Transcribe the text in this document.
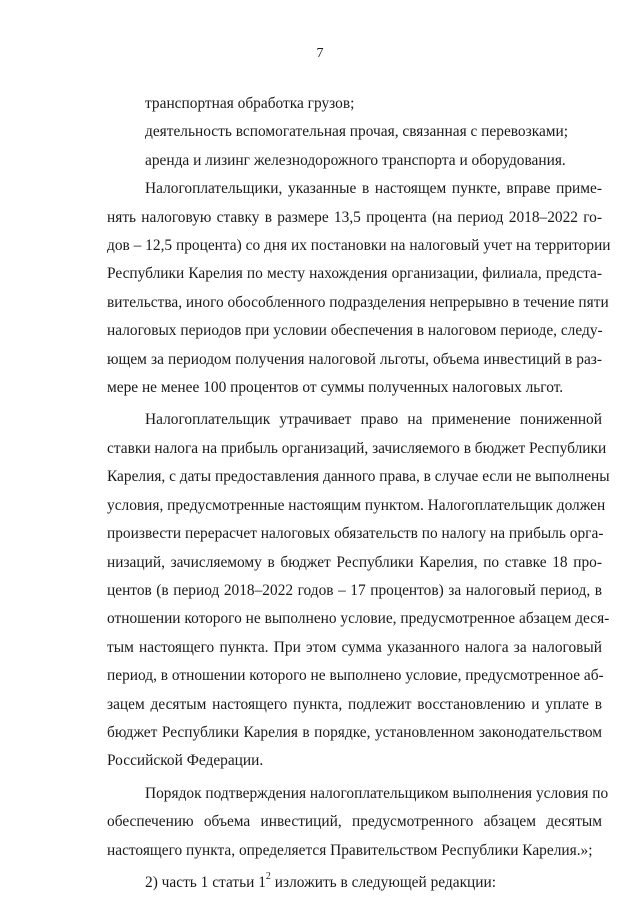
7
транспортная обработка грузов;
деятельность вспомогательная прочая, связанная с перевозками;
аренда и лизинг железнодорожного транспорта и оборудования.
Налогоплательщики, указанные в настоящем пункте, вправе приме-
нять налоговую ставку в размере 13,5 процента (на период 2018–2022 го-
дов – 12,5 процента) со дня их постановки на налоговый учет на территории
Республики Карелия по месту нахождения организации, филиала, предста-
вительства, иного обособленного подразделения непрерывно в течение пяти
налоговых периодов при условии обеспечения в налоговом периоде, следу-
ющем за периодом получения налоговой льготы, объема инвестиций в раз-
мере не менее 100 процентов от суммы полученных налоговых льгот.
Налогоплательщик утрачивает право на применение пониженной
ставки налога на прибыль организаций, зачисляемого в бюджет Республики
Карелия, с даты предоставления данного права, в случае если не выполнены
условия, предусмотренные настоящим пунктом. Налогоплательщик должен
произвести перерасчет налоговых обязательств по налогу на прибыль орга-
низаций, зачисляемому в бюджет Республики Карелия, по ставке 18 про-
центов (в период 2018–2022 годов – 17 процентов) за налоговый период, в
отношении которого не выполнено условие, предусмотренное абзацем деся-
тым настоящего пункта. При этом сумма указанного налога за налоговый
период, в отношении которого не выполнено условие, предусмотренное аб-
зацем десятым настоящего пункта, подлежит восстановлению и уплате в
бюджет Республики Карелия в порядке, установленном законодательством
Российской Федерации.
Порядок подтверждения налогоплательщиком выполнения условия по
обеспечению объема инвестиций, предусмотренного абзацем десятым
настоящего пункта, определяется Правительством Республики Карелия.»;
2) часть 1 статьи $1^2$ изложить в следующей редакции:
